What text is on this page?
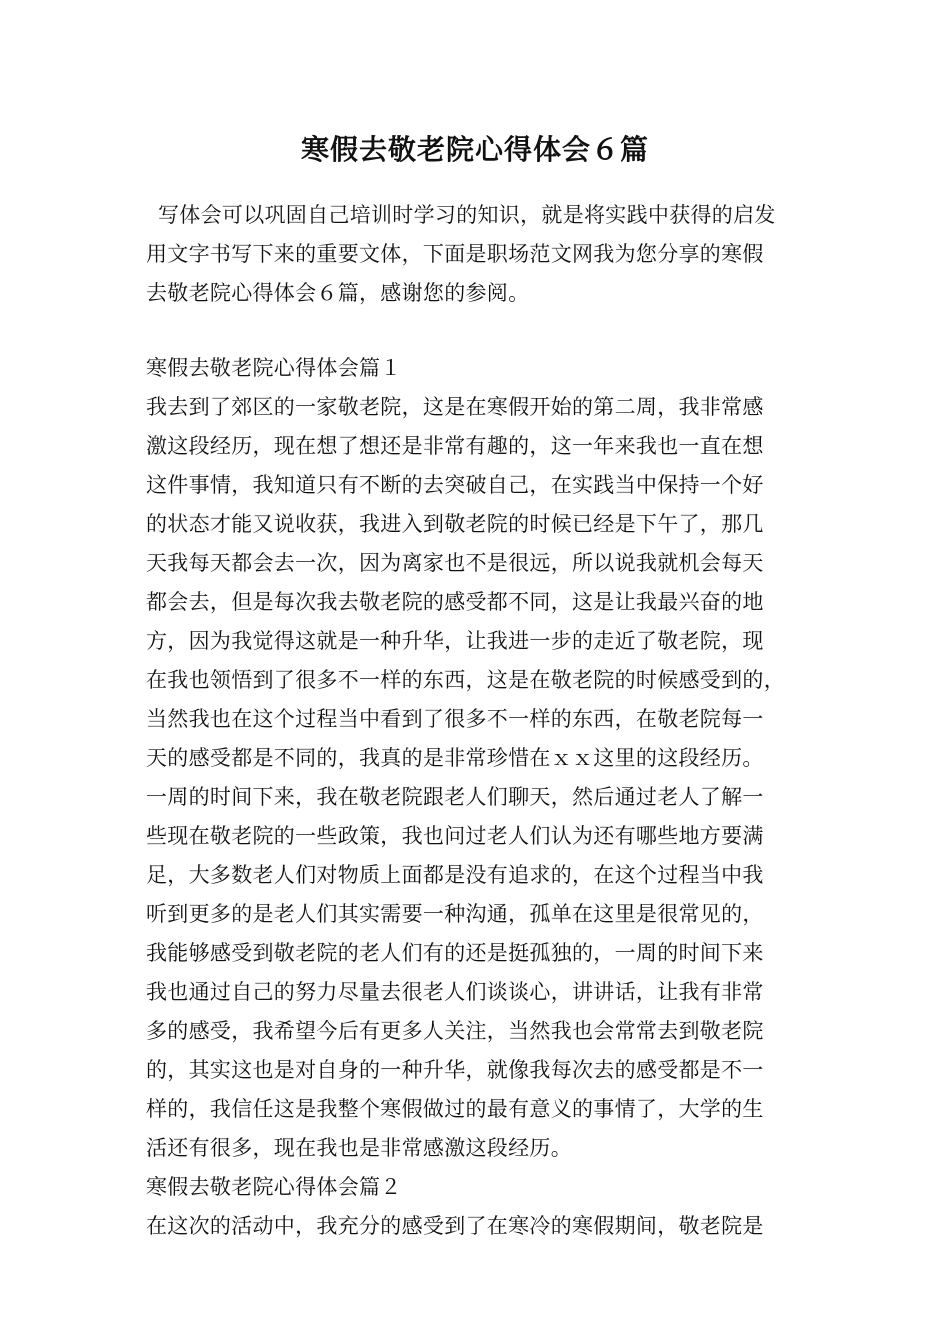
寒假去敬老院心得体会６篇
写体会可以巩固自己培训时学习的知识，就是将实践中获得的启发
用文字书写下来的重要文体，下面是职场范文网我为您分享的寒假
去敬老院心得体会６篇，感谢您的参阅。
寒假去敬老院心得体会篇１
我去到了郊区的一家敬老院，这是在寒假开始的第二周，我非常感
激这段经历，现在想了想还是非常有趣的，这一年来我也一直在想
这件事情，我知道只有不断的去突破自己，在实践当中保持一个好
的状态才能又说收获，我进入到敬老院的时候已经是下午了，那几
天我每天都会去一次，因为离家也不是很远，所以说我就机会每天
都会去，但是每次我去敬老院的感受都不同，这是让我最兴奋的地
方，因为我觉得这就是一种升华，让我进一步的走近了敬老院，现
在我也领悟到了很多不一样的东西，这是在敬老院的时候感受到的，
当然我也在这个过程当中看到了很多不一样的东西，在敬老院每一
天的感受都是不同的，我真的是非常珍惜在ｘｘ这里的这段经历。
一周的时间下来，我在敬老院跟老人们聊天，然后通过老人了解一
些现在敬老院的一些政策，我也问过老人们认为还有哪些地方要满
足，大多数老人们对物质上面都是没有追求的，在这个过程当中我
听到更多的是老人们其实需要一种沟通，孤单在这里是很常见的，
我能够感受到敬老院的老人们有的还是挺孤独的，一周的时间下来
我也通过自己的努力尽量去很老人们谈谈心，讲讲话，让我有非常
多的感受，我希望今后有更多人关注，当然我也会常常去到敬老院
的，其实这也是对自身的一种升华，就像我每次去的感受都是不一
样的，我信任这是我整个寒假做过的最有意义的事情了，大学的生
活还有很多，现在我也是非常感激这段经历。
寒假去敬老院心得体会篇２
在这次的活动中，我充分的感受到了在寒冷的寒假期间，敬老院是
